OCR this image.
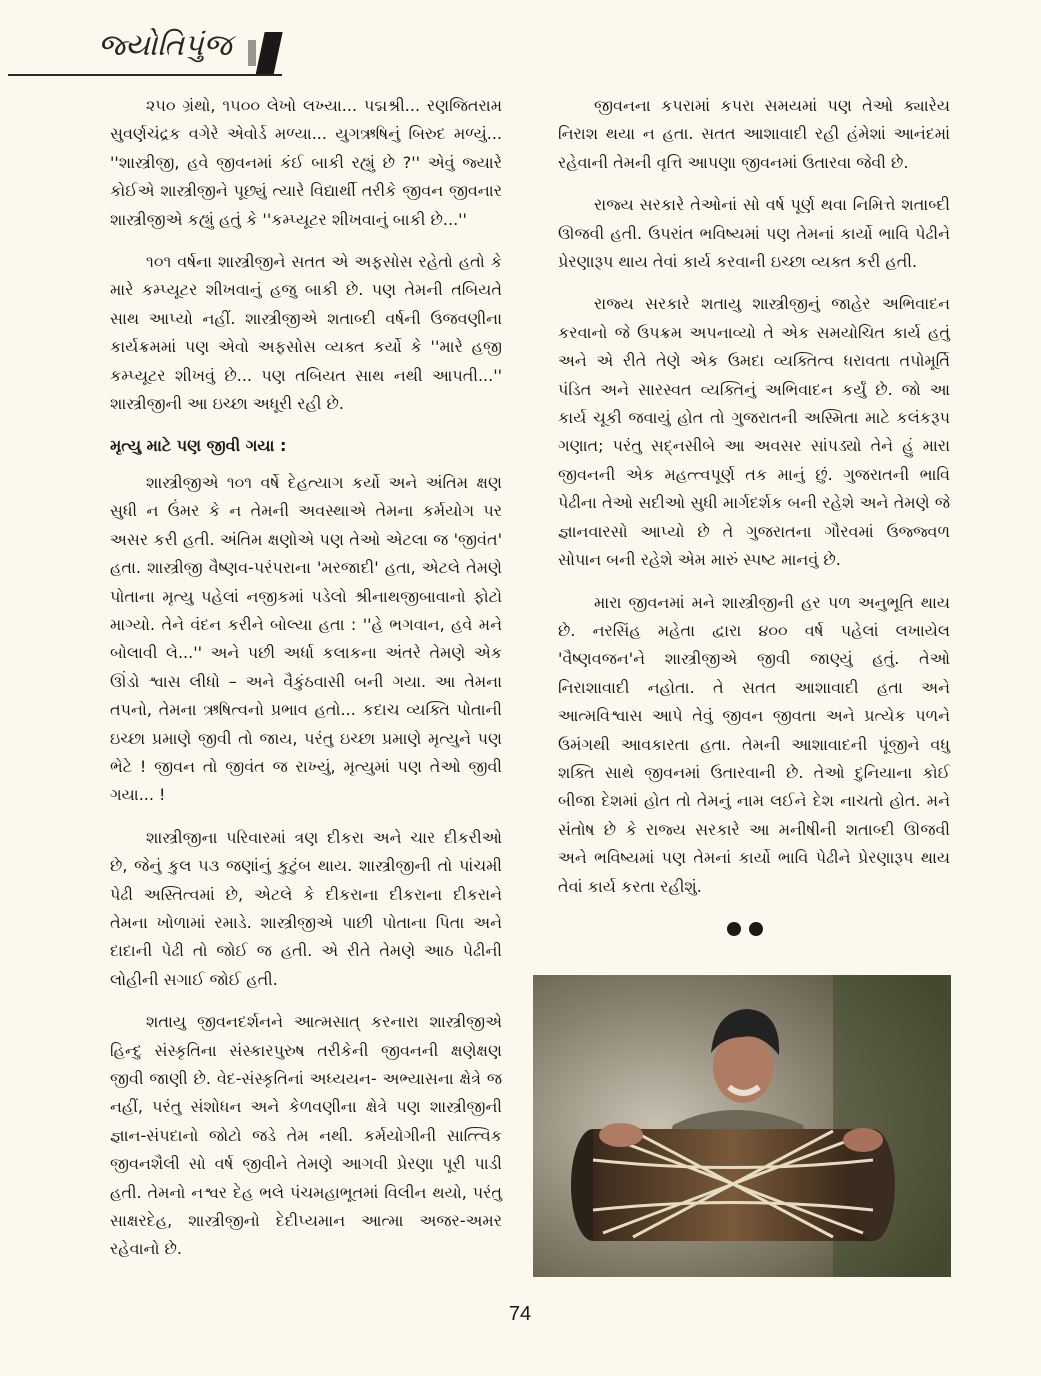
જ્યોતિપુંજ

૨૫૦ ગ્રંથો, ૧૫૦૦ લેખો લખ્યા... પદ્મશ્રી... રણજિતરામ સુવર્ણચંદ્રક વગેરે એવોર્ડ મળ્યા... યુગઋષિનું બિરુદ મળ્યું... ''શાસ્ત્રીજી, હવે જીવનમાં કંઈ બાકી રહ્યું છે ?'' એવું જ્યારે કોઈએ શાસ્ત્રીજીને પૂછ્યું ત્યારે વિદ્યાર્થી તરીકે જીવન જીવનાર શાસ્ત્રીજીએ કહ્યું હતું કે ''કમ્પ્યૂટર શીખવાનું બાકી છે...''

૧૦૧ વર્ષના શાસ્ત્રીજીને સતત એ અફસોસ રહેતો હતો કે મારે કમ્પ્યૂટર શીખવાનું હજુ બાકી છે. પણ તેમની તબિયતે સાથ આપ્યો નહીં. શાસ્ત્રીજીએ શતાબ્દી વર્ષની ઉજવણીના કાર્યક્રમમાં પણ એવો અફસોસ વ્યક્ત કર્યો કે ''મારે હજી કમ્પ્યૂટર શીખવું છે... પણ તબિયત સાથ નથી આપતી...'' શાસ્ત્રીજીની આ ઇચ્છા અધૂરી રહી છે.

મૃત્યુ માટે પણ જીવી ગયા :

શાસ્ત્રીજીએ ૧૦૧ વર્ષે દેહત્યાગ કર્યો અને અંતિમ ક્ષણ સુધી ન ઉંમર કે ન તેમની અવસ્થાએ તેમના કર્મયોગ પર અસર કરી હતી. અંતિમ ક્ષણોએ પણ તેઓ એટલા જ 'જીવંત' હતા. શાસ્ત્રીજી વૈષ્ણવ-પરંપરાના 'મરજાદી' હતા, એટલે તેમણે પોતાના મૃત્યુ પહેલાં નજીકમાં પડેલો શ્રીનાથજીબાવાનો ફોટો માગ્યો. તેને વંદન કરીને બોલ્યા હતા : ''હે ભગવાન, હવે મને બોલાવી લે...'' અને પછી અર્ધા કલાકના અંતરે તેમણે એક ઊંડો શ્વાસ લીધો – અને વૈકુંઠવાસી બની ગયા. આ તેમના તપનો, તેમના ઋષિત્વનો પ્રભાવ હતો... કદાચ વ્યક્તિ પોતાની ઇચ્છા પ્રમાણે જીવી તો જાય, પરંતુ ઇચ્છા પ્રમાણે મૃત્યુને પણ ભેટે ! જીવન તો જીવંત જ રાખ્યું, મૃત્યુમાં પણ તેઓ જીવી ગયા... !

શાસ્ત્રીજીના પરિવારમાં ત્રણ દીકરા અને ચાર દીકરીઓ છે, જેનું કુલ ૫૩ જણાંનું કુટુંબ થાય. શાસ્ત્રીજીની તો પાંચમી પેઢી અસ્તિત્વમાં છે, એટલે કે દીકરાના દીકરાના દીકરાને તેમના ખોળામાં રમાડે. શાસ્ત્રીજીએ પાછી પોતાના પિતા અને દાદાની પેઢી તો જોઈ જ હતી. એ રીતે તેમણે આઠ પેઢીની લોહીની સગાઈ જોઈ હતી.

શતાયુ જીવનદર્શનને આત્મસાત્ કરનારા શાસ્ત્રીજીએ હિન્દુ સંસ્કૃતિના સંસ્કારપુરુષ તરીકેની જીવનની ક્ષણેક્ષણ જીવી જાણી છે. વેદ-સંસ્કૃતિનાં અધ્યયન- અભ્યાસના ક્ષેત્રે જ નહીં, પરંતુ સંશોધન અને કેળવણીના ક્ષેત્રે પણ શાસ્ત્રીજીની જ્ઞાન-સંપદાનો જોટો જડે તેમ નથી. કર્મયોગીની સાત્ત્વિક જીવનશૈલી સો વર્ષ જીવીને તેમણે આગવી પ્રેરણા પૂરી પાડી હતી. તેમનો નશ્વર દેહ ભલે પંચમહાભૂતમાં વિલીન થયો, પરંતુ સાક્ષરદેહ, શાસ્ત્રીજીનો દેદીપ્યમાન આત્મા અજર-અમર રહેવાનો છે.

જીવનના કપરામાં કપરા સમયમાં પણ તેઓ ક્યારેય નિરાશ થયા ન હતા. સતત આશાવાદી રહી હંમેશાં આનંદમાં રહેવાની તેમની વૃત્તિ આપણા જીવનમાં ઉતારવા જેવી છે.

રાજ્ય સરકારે તેઓનાં સો વર્ષ પૂર્ણ થવા નિમિત્તે શતાબ્દી ઊજવી હતી. ઉપરાંત ભવિષ્યમાં પણ તેમનાં કાર્યો ભાવિ પેઢીને પ્રેરણારૂપ થાય તેવાં કાર્ય કરવાની ઇચ્છા વ્યક્ત કરી હતી.

રાજ્ય સરકારે શતાયુ શાસ્ત્રીજીનું જાહેર અભિવાદન કરવાનો જે ઉપક્રમ અપનાવ્યો તે એક સમયોચિત કાર્ય હતું અને એ રીતે તેણે એક ઉમદા વ્યક્તિત્વ ધરાવતા તપોમૂર્તિ પંડિત અને સારસ્વત વ્યક્તિનું અભિવાદન કર્યું છે. જો આ કાર્ય ચૂકી જવાયું હોત તો ગુજરાતની અસ્મિતા માટે કલંકરૂપ ગણાત; પરંતુ સદ્નસીબે આ અવસર સાંપડ્યો તેને હું મારા જીવનની એક મહત્ત્વપૂર્ણ તક માનું છું. ગુજરાતની ભાવિ પેઢીના તેઓ સદીઓ સુધી માર્ગદર્શક બની રહેશે અને તેમણે જે જ્ઞાનવારસો આપ્યો છે તે ગુજરાતના ગૌરવમાં ઉજ્જ્વળ સોપાન બની રહેશે એમ મારું સ્પષ્ટ માનવું છે.

મારા જીવનમાં મને શાસ્ત્રીજીની હર પળ અનુભૂતિ થાય છે. નરસિંહ મહેતા દ્વારા ૪૦૦ વર્ષ પહેલાં લખાયેલ 'વૈષ્ણવજન'ને શાસ્ત્રીજીએ જીવી જાણ્યું હતું. તેઓ નિરાશાવાદી નહોતા. તે સતત આશાવાદી હતા અને આત્મવિશ્વાસ આપે તેવું જીવન જીવતા અને પ્રત્યેક પળને ઉમંગથી આવકારતા હતા. તેમની આશાવાદની પૂંજીને વધુ શક્તિ સાથે જીવનમાં ઉતારવાની છે. તેઓ દુનિયાના કોઈ બીજા દેશમાં હોત તો તેમનું નામ લઈને દેશ નાચતો હોત. મને સંતોષ છે કે રાજ્ય સરકારે આ મનીષીની શતાબ્દી ઊજવી અને ભવિષ્યમાં પણ તેમનાં કાર્યો ભાવિ પેઢીને પ્રેરણારૂપ થાય તેવાં કાર્ય કરતા રહીશું.

74
